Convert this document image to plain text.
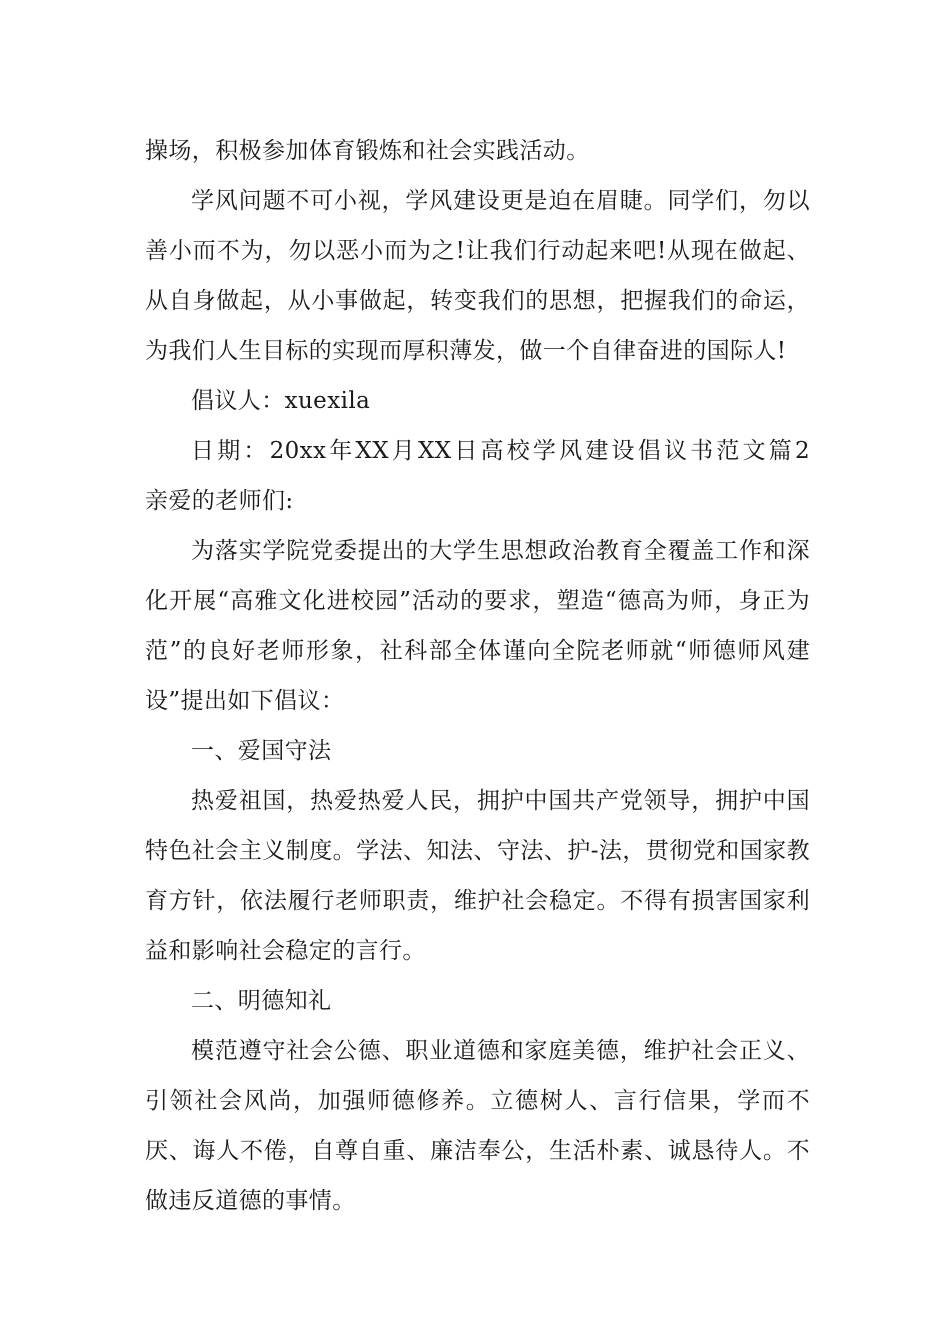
操场，积极参加体育锻炼和社会实践活动。

学风问题不可小视，学风建设更是迫在眉睫。同学们，勿以善小而不为，勿以恶小而为之!让我们行动起来吧!从现在做起、从自身做起，从小事做起，转变我们的思想，把握我们的命运，为我们人生目标的实现而厚积薄发，做一个自律奋进的国际人!

倡议人：xuexila

日期：20xx年XX月XX日高校学风建设倡议书范文篇2　　亲爱的老师们:

为落实学院党委提出的大学生思想政治教育全覆盖工作和深化开展“高雅文化进校园”活动的要求，塑造“德高为师，身正为范”的良好老师形象，社科部全体谨向全院老师就“师德师风建设”提出如下倡议：

一、爱国守法

热爱祖国，热爱热爱人民，拥护中国共产党领导，拥护中国特色社会主义制度。学法、知法、守法、护-法，贯彻党和国家教育方针，依法履行老师职责，维护社会稳定。不得有损害国家利益和影响社会稳定的言行。

二、明德知礼

模范遵守社会公德、职业道德和家庭美德，维护社会正义、引领社会风尚，加强师德修养。立德树人、言行信果，学而不厌、诲人不倦，自尊自重、廉洁奉公，生活朴素、诚恳待人。不做违反道德的事情。
